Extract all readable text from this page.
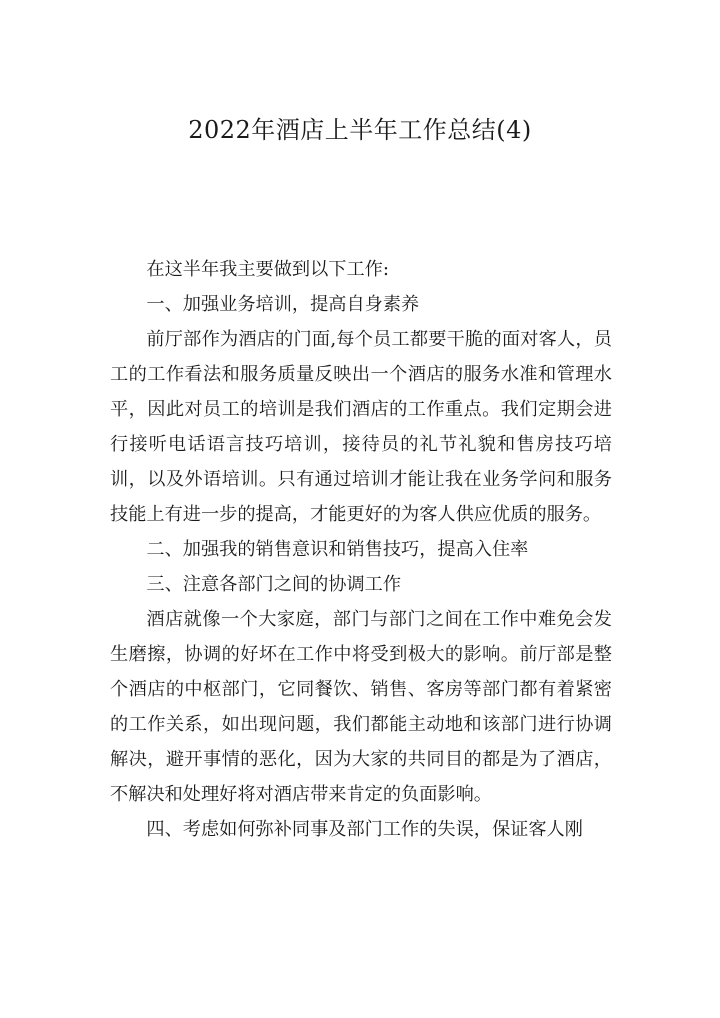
2022年酒店上半年工作总结(4)

在这半年我主要做到以下工作:

一、加强业务培训，提高自身素养

前厅部作为酒店的门面,每个员工都要干脆的面对客人，员工的工作看法和服务质量反映出一个酒店的服务水准和管理水平，因此对员工的培训是我们酒店的工作重点。我们定期会进行接听电话语言技巧培训，接待员的礼节礼貌和售房技巧培训，以及外语培训。只有通过培训才能让我在业务学问和服务技能上有进一步的提高，才能更好的为客人供应优质的服务。

二、加强我的销售意识和销售技巧，提高入住率

三、注意各部门之间的协调工作

酒店就像一个大家庭，部门与部门之间在工作中难免会发生磨擦，协调的好坏在工作中将受到极大的影响。前厅部是整个酒店的中枢部门，它同餐饮、销售、客房等部门都有着紧密的工作关系，如出现问题，我们都能主动地和该部门进行协调解决，避开事情的恶化，因为大家的共同目的都是为了酒店，不解决和处理好将对酒店带来肯定的负面影响。

四、考虑如何弥补同事及部门工作的失误，保证客人刚
